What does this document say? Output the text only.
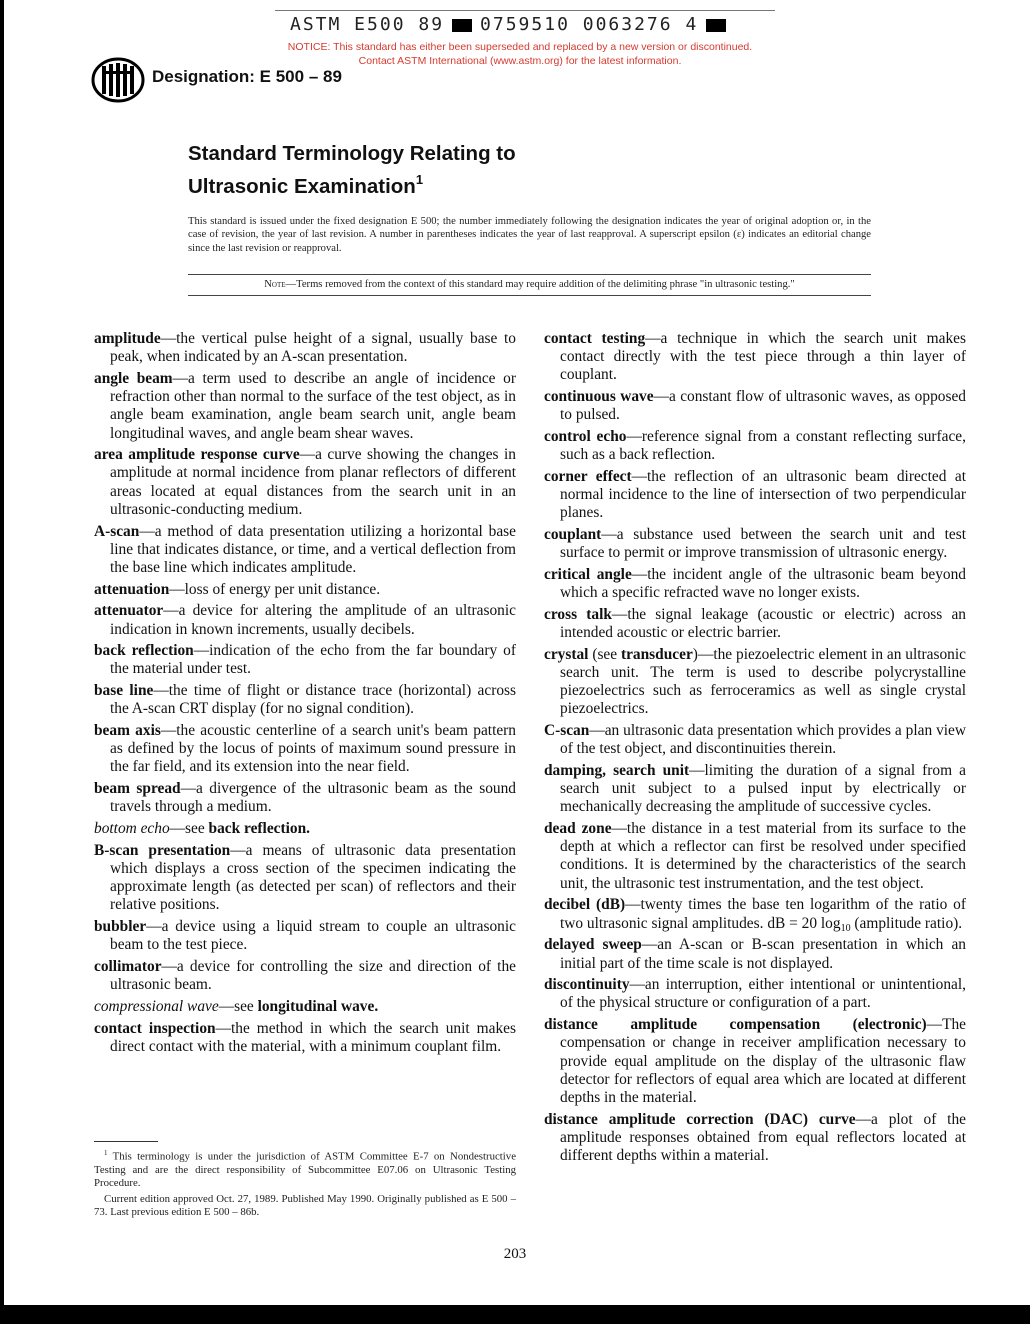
ASTM E500 89 0759510 0063276 4
NOTICE: This standard has either been superseded and replaced by a new version or discontinued.
Contact ASTM International (www.astm.org) for the latest information.
ASTM
Designation: E 500 – 89
Standard Terminology Relating to
Ultrasonic Examination$^1$
This standard is issued under the fixed designation E 500; the number immediately following the designation indicates the year of original adoption or, in the case of revision, the year of last revision. A number in parentheses indicates the year of last reapproval. A superscript epsilon (ε) indicates an editorial change since the last revision or reapproval.
Note—Terms removed from the context of this standard may require addition of the delimiting phrase "in ultrasonic testing."

amplitude—the vertical pulse height of a signal, usually base to peak, when indicated by an A-scan presentation.

angle beam—a term used to describe an angle of incidence or refraction other than normal to the surface of the test object, as in angle beam examination, angle beam search unit, angle beam longitudinal waves, and angle beam shear waves.

area amplitude response curve—a curve showing the changes in amplitude at normal incidence from planar reflectors of different areas located at equal distances from the search unit in an ultrasonic-conducting medium.

A-scan—a method of data presentation utilizing a horizontal base line that indicates distance, or time, and a vertical deflection from the base line which indicates amplitude.

attenuation—loss of energy per unit distance.

attenuator—a device for altering the amplitude of an ultrasonic indication in known increments, usually decibels.

back reflection—indication of the echo from the far boundary of the material under test.

base line—the time of flight or distance trace (horizontal) across the A-scan CRT display (for no signal condition).

beam axis—the acoustic centerline of a search unit's beam pattern as defined by the locus of points of maximum sound pressure in the far field, and its extension into the near field.

beam spread—a divergence of the ultrasonic beam as the sound travels through a medium.

bottom echo—see back reflection.

B-scan presentation—a means of ultrasonic data presentation which displays a cross section of the specimen indicating the approximate length (as detected per scan) of reflectors and their relative positions.

bubbler—a device using a liquid stream to couple an ultrasonic beam to the test piece.

collimator—a device for controlling the size and direction of the ultrasonic beam.

compressional wave—see longitudinal wave.

contact inspection—the method in which the search unit makes direct contact with the material, with a minimum couplant film.

contact testing—a technique in which the search unit makes contact directly with the test piece through a thin layer of couplant.

continuous wave—a constant flow of ultrasonic waves, as opposed to pulsed.

control echo—reference signal from a constant reflecting surface, such as a back reflection.

corner effect—the reflection of an ultrasonic beam directed at normal incidence to the line of intersection of two perpendicular planes.

couplant—a substance used between the search unit and test surface to permit or improve transmission of ultrasonic energy.

critical angle—the incident angle of the ultrasonic beam beyond which a specific refracted wave no longer exists.

cross talk—the signal leakage (acoustic or electric) across an intended acoustic or electric barrier.

crystal (see transducer)—the piezoelectric element in an ultrasonic search unit. The term is used to describe polycrystalline piezoelectrics such as ferroceramics as well as single crystal piezoelectrics.

C-scan—an ultrasonic data presentation which provides a plan view of the test object, and discontinuities therein.

damping, search unit—limiting the duration of a signal from a search unit subject to a pulsed input by electrically or mechanically decreasing the amplitude of successive cycles.

dead zone—the distance in a test material from its surface to the depth at which a reflector can first be resolved under specified conditions. It is determined by the characteristics of the search unit, the ultrasonic test instrumentation, and the test object.

decibel (dB)—twenty times the base ten logarithm of the ratio of two ultrasonic signal amplitudes. dB = 20 $\log_{10}$ (amplitude ratio).

delayed sweep—an A-scan or B-scan presentation in which an initial part of the time scale is not displayed.

discontinuity—an interruption, either intentional or unintentional, of the physical structure or configuration of a part.

distance amplitude compensation (electronic)—The compensation or change in receiver amplification necessary to provide equal amplitude on the display of the ultrasonic flaw detector for reflectors of equal area which are located at different depths in the material.

distance amplitude correction (DAC) curve—a plot of the amplitude responses obtained from equal reflectors located at different depths within a material.

$^1$ This terminology is under the jurisdiction of ASTM Committee E-7 on Nondestructive Testing and are the direct responsibility of Subcommittee E07.06 on Ultrasonic Testing Procedure.

Current edition approved Oct. 27, 1989. Published May 1990. Originally published as E 500 – 73. Last previous edition E 500 – 86b.

203
